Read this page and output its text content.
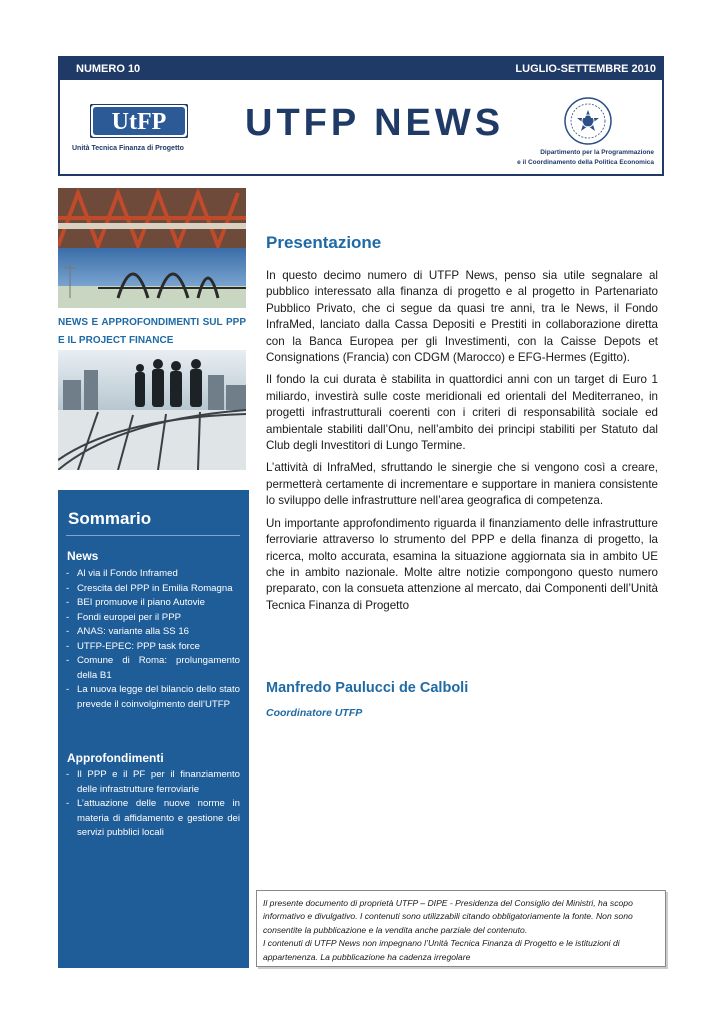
NUMERO 10	LUGLIO-SETTEMBRE 2010
UtFP
Unità Tecnica Finanza di Progetto
UTFP NEWS
Dipartimento per la Programmazione
e il Coordinamento della Politica Economica
NEWS E APPROFONDIMENTI SUL PPP E IL PROJECT FINANCE
Sommario
News
- Al via il Fondo Inframed
- Crescita del PPP in Emilia Romagna
- BEI promuove il piano Autovie
- Fondi europei per il PPP
- ANAS: variante alla SS 16
- UTFP-EPEC: PPP task force
- Comune di Roma: prolungamento della B1
- La nuova legge del bilancio dello stato prevede il coinvolgimento dell’UTFP
Approfondimenti
- Il PPP e il PF per il finanziamento delle infrastrutture ferroviarie
- L’attuazione delle nuove norme in materia di affidamento e gestione dei servizi pubblici locali
Presentazione

In questo decimo numero di UTFP News, penso sia utile segnalare al pubblico interessato alla finanza di progetto e al progetto in Partenariato Pubblico Privato, che ci segue da quasi tre anni, tra le News, il Fondo InfraMed, lanciato dalla Cassa Depositi e Prestiti in collaborazione diretta con la Banca Europea per gli Investimenti, con la Caisse Depots et Consignations (Francia) con CDGM (Marocco) e EFG-Hermes (Egitto).

Il fondo la cui durata è stabilita in quattordici anni con un target di Euro 1 miliardo, investirà sulle coste meridionali ed orientali del Mediterraneo, in progetti infrastrutturali coerenti con i criteri di responsabilità sociale ed ambientale stabiliti dall’Onu, nell’ambito dei principi stabiliti per Statuto dal Club degli Investitori di Lungo Termine.

L’attività di InfraMed, sfruttando le sinergie che si vengono così a creare, permetterà certamente di incrementare e supportare in maniera consistente lo sviluppo delle infrastrutture nell’area geografica di competenza.

Un importante approfondimento riguarda il finanziamento delle infrastrutture ferroviarie attraverso lo strumento del PPP e della finanza di progetto, la ricerca, molto accurata, esamina la situazione aggiornata sia in ambito UE che in ambito nazionale. Molte altre notizie compongono questo numero preparato, con la consueta attenzione al mercato, dai Componenti dell’Unità Tecnica Finanza di Progetto

Manfredo Paulucci de Calboli
Coordinatore UTFP

Il presente documento di proprietà UTFP – DIPE - Presidenza del Consiglio dei Ministri, ha scopo informativo e divulgativo. I contenuti sono utilizzabili citando obbligatoriamente la fonte. Non sono consentite la pubblicazione e la vendita anche parziale del contenuto.

I contenuti di UTFP News non impegnano l’Unità Tecnica Finanza di Progetto e le istituzioni di appartenenza. La pubblicazione ha cadenza irregolare
